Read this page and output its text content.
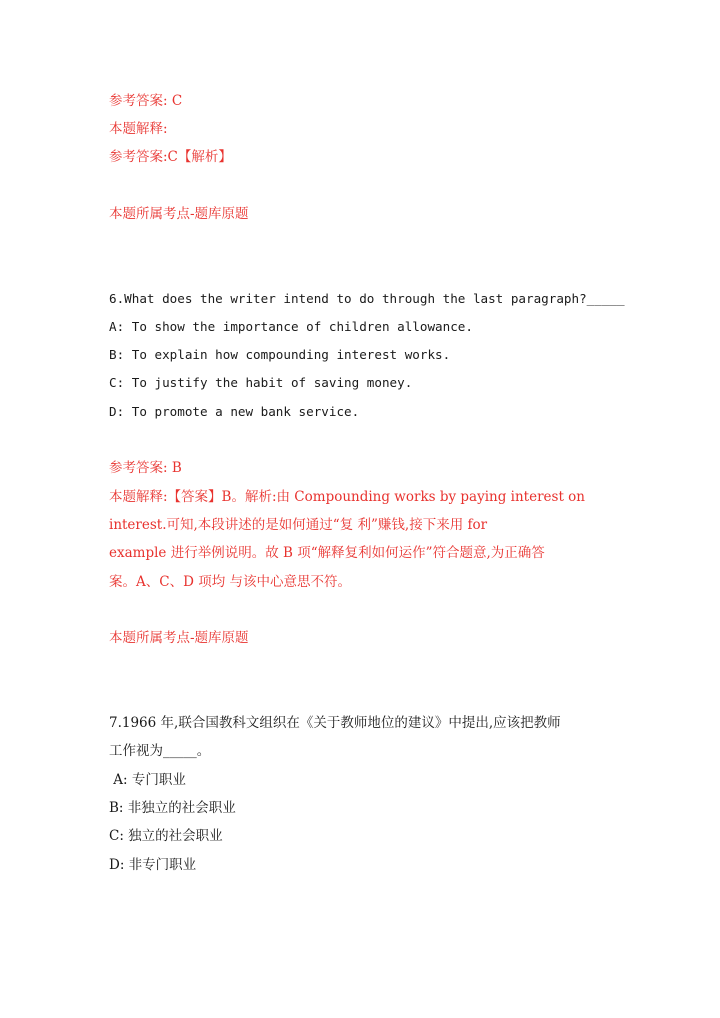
参考答案: C
本题解释:
参考答案:C【解析】
本题所属考点-题库原题
6.What does the writer intend to do through the last paragraph?_____
A: To show the importance of children allowance.
B: To explain how compounding interest works.
C: To justify the habit of saving money.
D: To promote a new bank service.
参考答案: B
本题解释:【答案】B。解析:由 Compounding works by paying interest on
interest.可知,本段讲述的是如何通过“复 利”赚钱,接下来用 for
example 进行举例说明。故 B 项“解释复利如何运作”符合题意,为正确答
案。A、C、D 项均 与该中心意思不符。
本题所属考点-题库原题
7.1966 年,联合国教科文组织在《关于教师地位的建议》中提出,应该把教师
工作视为_____。
A: 专门职业
B: 非独立的社会职业
C: 独立的社会职业
D: 非专门职业
